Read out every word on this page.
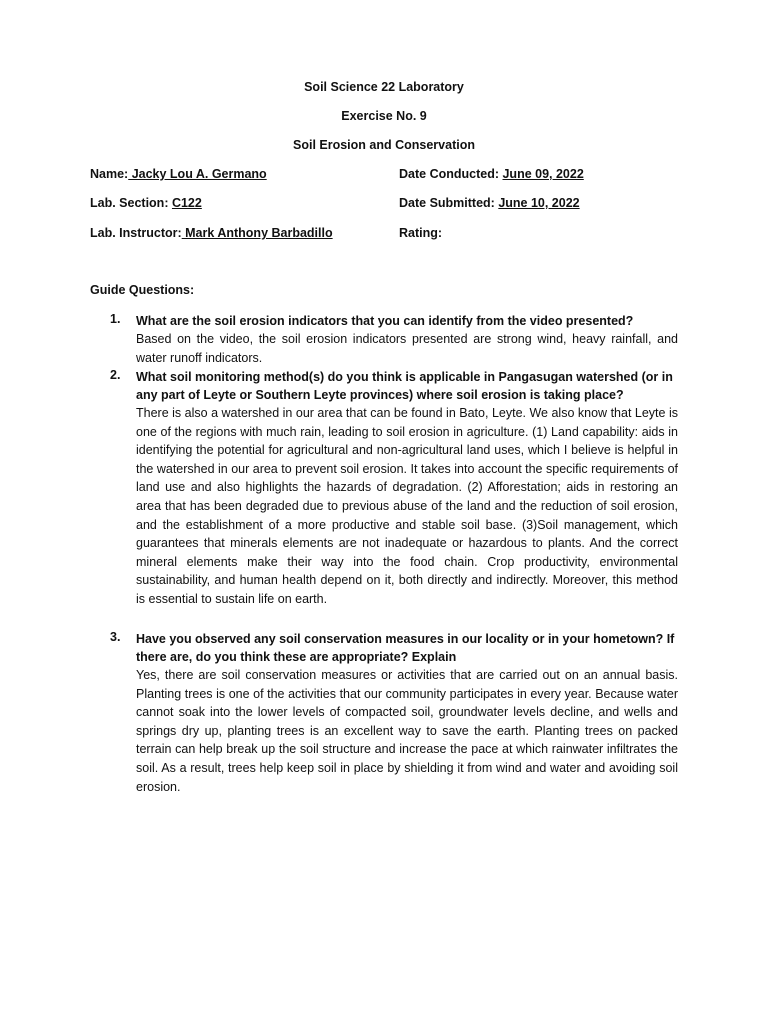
Soil Science 22 Laboratory
Exercise No. 9
Soil Erosion and Conservation
Name: Jacky Lou A. Germano	Date Conducted: June 09, 2022
Lab. Section: C122	Date Submitted: June 10, 2022
Lab. Instructor: Mark Anthony Barbadillo	Rating:
Guide Questions:
1. What are the soil erosion indicators that you can identify from the video presented?
Based on the video, the soil erosion indicators presented are strong wind, heavy rainfall, and water runoff indicators.
2. What soil monitoring method(s) do you think is applicable in Pangasugan watershed (or in any part of Leyte or Southern Leyte provinces) where soil erosion is taking place?
There is also a watershed in our area that can be found in Bato, Leyte. We also know that Leyte is one of the regions with much rain, leading to soil erosion in agriculture. (1) Land capability: aids in identifying the potential for agricultural and non-agricultural land uses, which I believe is helpful in the watershed in our area to prevent soil erosion. It takes into account the specific requirements of land use and also highlights the hazards of degradation. (2) Afforestation; aids in restoring an area that has been degraded due to previous abuse of the land and the reduction of soil erosion, and the establishment of a more productive and stable soil base. (3)Soil management, which guarantees that minerals elements are not inadequate or hazardous to plants. And the correct mineral elements make their way into the food chain. Crop productivity, environmental sustainability, and human health depend on it, both directly and indirectly. Moreover, this method is essential to sustain life on earth.
3. Have you observed any soil conservation measures in our locality or in your hometown? If there are, do you think these are appropriate? Explain
Yes, there are soil conservation measures or activities that are carried out on an annual basis. Planting trees is one of the activities that our community participates in every year. Because water cannot soak into the lower levels of compacted soil, groundwater levels decline, and wells and springs dry up, planting trees is an excellent way to save the earth. Planting trees on packed terrain can help break up the soil structure and increase the pace at which rainwater infiltrates the soil. As a result, trees help keep soil in place by shielding it from wind and water and avoiding soil erosion.
